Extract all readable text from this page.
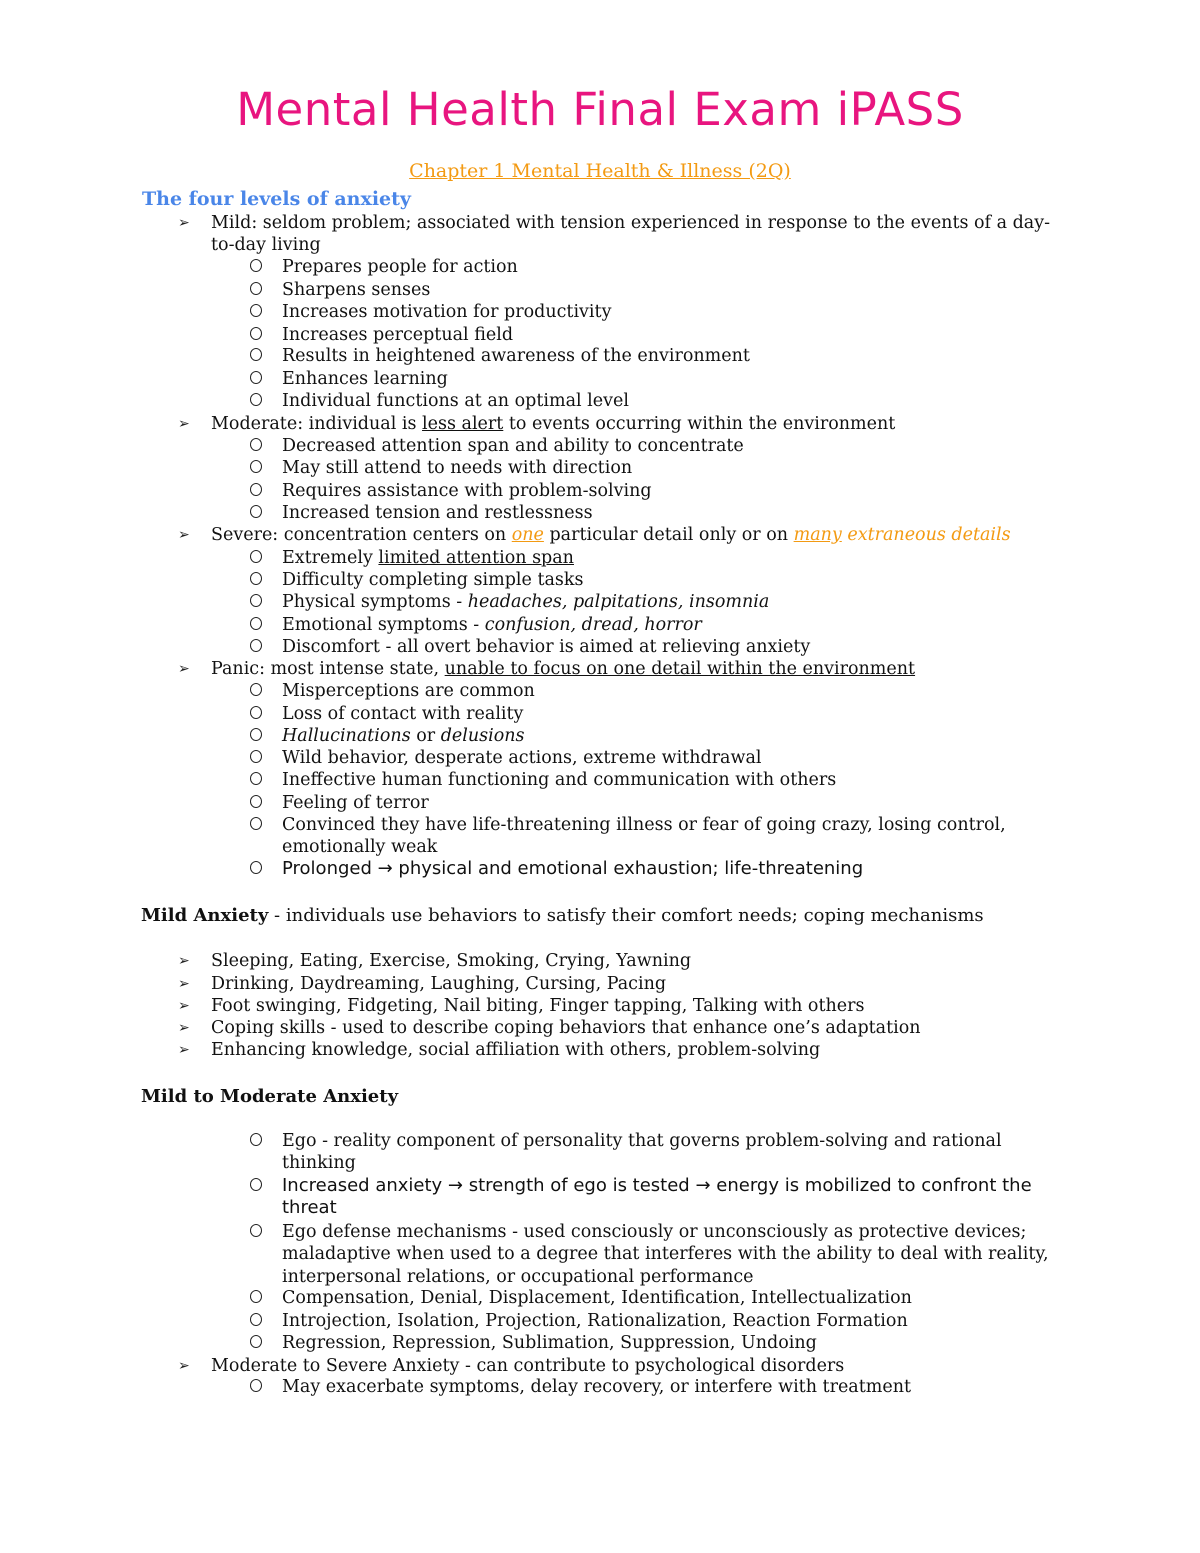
Mental Health Final Exam iPASS
Chapter 1 Mental Health & Illness (2Q)
The four levels of anxiety
➢ Mild: seldom problem; associated with tension experienced in response to the events of a day-to-day living
Prepares people for action
Sharpens senses
Increases motivation for productivity
Increases perceptual field
Results in heightened awareness of the environment
Enhances learning
Individual functions at an optimal level
➢ Moderate: individual is less alert to events occurring within the environment
Decreased attention span and ability to concentrate
May still attend to needs with direction
Requires assistance with problem-solving
Increased tension and restlessness
➢ Severe: concentration centers on one particular detail only or on many extraneous details
Extremely limited attention span
Difficulty completing simple tasks
Physical symptoms - headaches, palpitations, insomnia
Emotional symptoms - confusion, dread, horror
Discomfort - all overt behavior is aimed at relieving anxiety
➢ Panic: most intense state, unable to focus on one detail within the environment
Misperceptions are common
Loss of contact with reality
Hallucinations or delusions
Wild behavior, desperate actions, extreme withdrawal
Ineffective human functioning and communication with others
Feeling of terror
Convinced they have life-threatening illness or fear of going crazy, losing control, emotionally weak
Prolonged → physical and emotional exhaustion; life-threatening
Mild Anxiety - individuals use behaviors to satisfy their comfort needs; coping mechanisms
➢ Sleeping, Eating, Exercise, Smoking, Crying, Yawning
➢ Drinking, Daydreaming, Laughing, Cursing, Pacing
➢ Foot swinging, Fidgeting, Nail biting, Finger tapping, Talking with others
➢ Coping skills - used to describe coping behaviors that enhance one’s adaptation
➢ Enhancing knowledge, social affiliation with others, problem-solving
Mild to Moderate Anxiety
Ego - reality component of personality that governs problem-solving and rational thinking
Increased anxiety → strength of ego is tested → energy is mobilized to confront the threat
Ego defense mechanisms - used consciously or unconsciously as protective devices; maladaptive when used to a degree that interferes with the ability to deal with reality, interpersonal relations, or occupational performance
Compensation, Denial, Displacement, Identification, Intellectualization
Introjection, Isolation, Projection, Rationalization, Reaction Formation
Regression, Repression, Sublimation, Suppression, Undoing
➢ Moderate to Severe Anxiety - can contribute to psychological disorders
May exacerbate symptoms, delay recovery, or interfere with treatment
